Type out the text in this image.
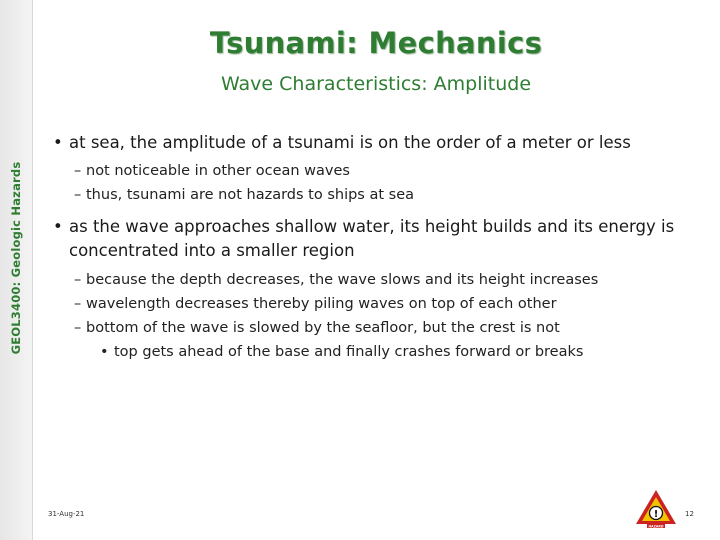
GEOL3400: Geologic Hazards
Tsunami: Mechanics
Wave Characteristics: Amplitude
• at sea, the amplitude of a tsunami is on the order of a meter or less
– not noticeable in other ocean waves
– thus, tsunami are not hazards to ships at sea
• as the wave approaches shallow water, its height builds and its energy is concentrated into a smaller region
– because the depth decreases, the wave slows and its height increases
– wavelength decreases thereby piling waves on top of each other
– bottom of the wave is slowed by the seafloor, but the crest is not
• top gets ahead of the base and finally crashes forward or breaks
31-Aug-21	!
HAZARD
12
